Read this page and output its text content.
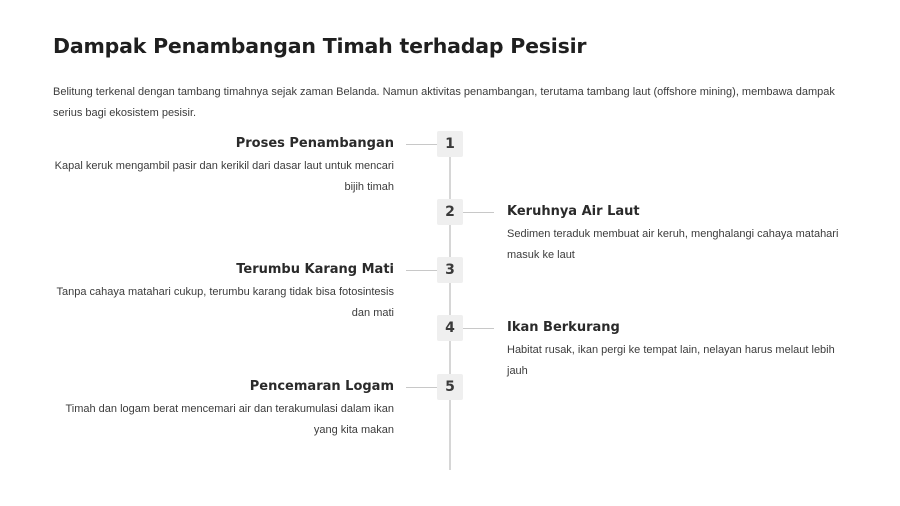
Dampak Penambangan Timah terhadap Pesisir

Belitung terkenal dengan tambang timahnya sejak zaman Belanda. Namun aktivitas penambangan, terutama tambang laut (offshore mining), membawa dampak serius bagi ekosistem pesisir.

1
Proses Penambangan
Kapal keruk mengambil pasir dan kerikil dari dasar laut untuk mencari bijih timah
2	Keruhnya Air Laut
Sedimen teraduk membuat air keruh, menghalangi cahaya matahari masuk ke laut
3
Terumbu Karang Mati
Tanpa cahaya matahari cukup, terumbu karang tidak bisa fotosintesis dan mati
4	Ikan Berkurang
Habitat rusak, ikan pergi ke tempat lain, nelayan harus melaut lebih jauh
5
Pencemaran Logam
Timah dan logam berat mencemari air dan terakumulasi dalam ikan yang kita makan
